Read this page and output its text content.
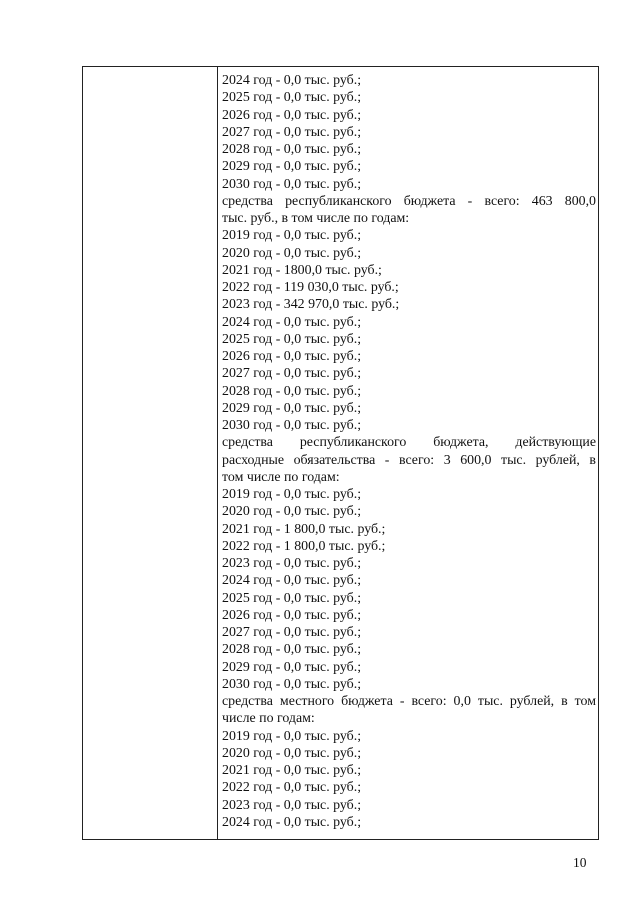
2024 год - 0,0 тыс. руб.;
2025 год - 0,0 тыс. руб.;
2026 год - 0,0 тыс. руб.;
2027 год - 0,0 тыс. руб.;
2028 год - 0,0 тыс. руб.;
2029 год - 0,0 тыс. руб.;
2030 год - 0,0 тыс. руб.;
средства республиканского бюджета - всего: 463 800,0
тыс. руб., в том числе по годам:
2019 год - 0,0 тыс. руб.;
2020 год - 0,0 тыс. руб.;
2021 год - 1800,0 тыс. руб.;
2022 год - 119 030,0 тыс. руб.;
2023 год - 342 970,0 тыс. руб.;
2024 год - 0,0 тыс. руб.;
2025 год - 0,0 тыс. руб.;
2026 год - 0,0 тыс. руб.;
2027 год - 0,0 тыс. руб.;
2028 год - 0,0 тыс. руб.;
2029 год - 0,0 тыс. руб.;
2030 год - 0,0 тыс. руб.;
средства республиканского бюджета, действующие
расходные обязательства - всего: 3 600,0 тыс. рублей, в
том числе по годам:
2019 год - 0,0 тыс. руб.;
2020 год - 0,0 тыс. руб.;
2021 год - 1 800,0 тыс. руб.;
2022 год - 1 800,0 тыс. руб.;
2023 год - 0,0 тыс. руб.;
2024 год - 0,0 тыс. руб.;
2025 год - 0,0 тыс. руб.;
2026 год - 0,0 тыс. руб.;
2027 год - 0,0 тыс. руб.;
2028 год - 0,0 тыс. руб.;
2029 год - 0,0 тыс. руб.;
2030 год - 0,0 тыс. руб.;
средства местного бюджета - всего: 0,0 тыс. рублей, в том
числе по годам:
2019 год - 0,0 тыс. руб.;
2020 год - 0,0 тыс. руб.;
2021 год - 0,0 тыс. руб.;
2022 год - 0,0 тыс. руб.;
2023 год - 0,0 тыс. руб.;
2024 год - 0,0 тыс. руб.;
10
